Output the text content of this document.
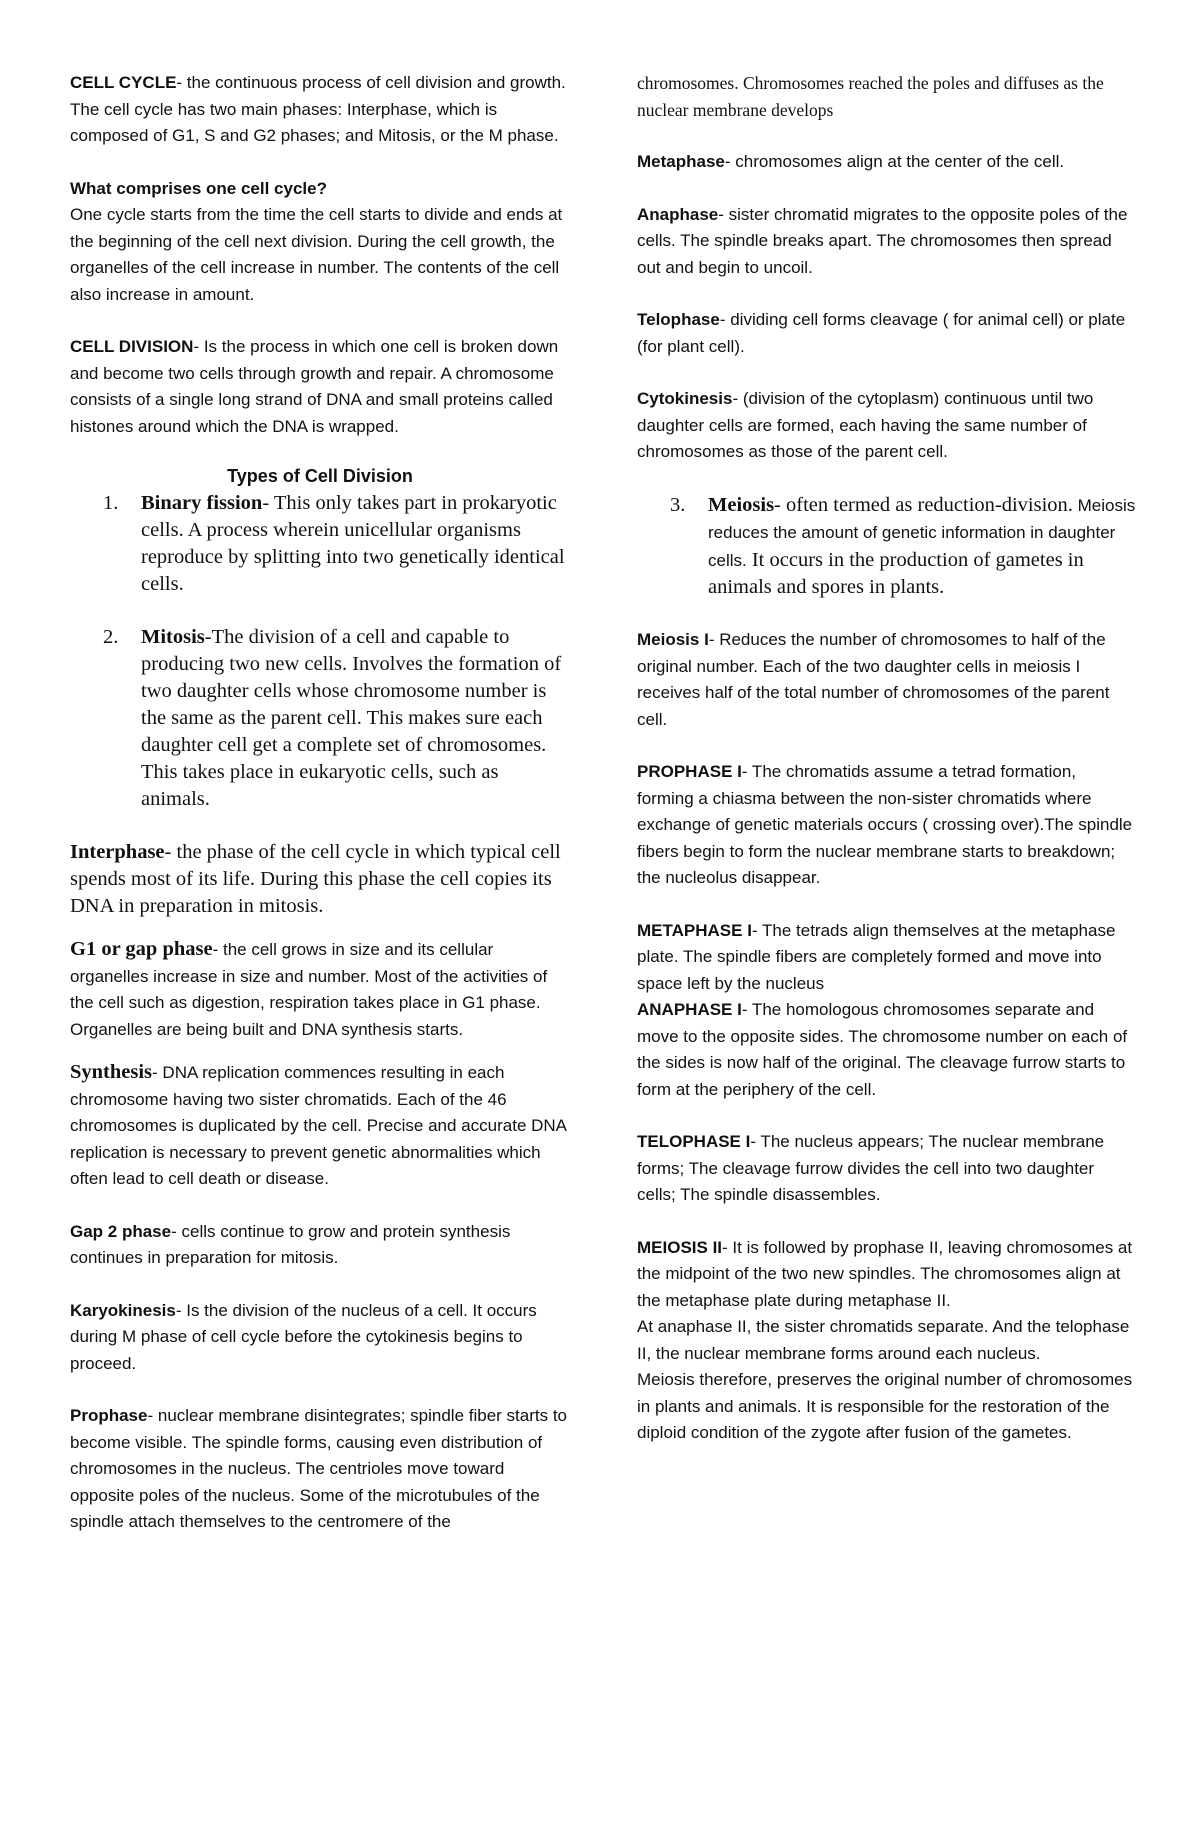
CELL CYCLE- the continuous process of cell division and growth. The cell cycle has two main phases: Interphase, which is composed of G1, S and G2 phases; and Mitosis, or the M phase.

What comprises one cell cycle?

One cycle starts from the time the cell starts to divide and ends at the beginning of the cell next division. During the cell growth, the organelles of the cell increase in number. The contents of the cell also increase in amount.

CELL DIVISION- Is the process in which one cell is broken down and become two cells through growth and repair. A chromosome consists of a single long strand of DNA and small proteins called histones around which the DNA is wrapped.

Types of Cell Division

1. Binary fission- This only takes part in prokaryotic cells. A process wherein unicellular organisms reproduce by splitting into two genetically identical cells.
2. Mitosis-The division of a cell and capable to producing two new cells. Involves the formation of two daughter cells whose chromosome number is the same as the parent cell. This makes sure each daughter cell get a complete set of chromosomes. This takes place in eukaryotic cells, such as animals.

Interphase- the phase of the cell cycle in which typical cell spends most of its life. During this phase the cell copies its DNA in preparation in mitosis.

G1 or gap phase- the cell grows in size and its cellular organelles increase in size and number. Most of the activities of the cell such as digestion, respiration takes place in G1 phase. Organelles are being built and DNA synthesis starts.

Synthesis- DNA replication commences resulting in each chromosome having two sister chromatids. Each of the 46 chromosomes is duplicated by the cell. Precise and accurate DNA replication is necessary to prevent genetic abnormalities which often lead to cell death or disease.

Gap 2 phase- cells continue to grow and protein synthesis continues in preparation for mitosis.

Karyokinesis- Is the division of the nucleus of a cell. It occurs during M phase of cell cycle before the cytokinesis begins to proceed.

Prophase- nuclear membrane disintegrates; spindle fiber starts to become visible. The spindle forms, causing even distribution of chromosomes in the nucleus. The centrioles move toward opposite poles of the nucleus. Some of the microtubules of the spindle attach themselves to the centromere of the

chromosomes. Chromosomes reached the poles and diffuses as the nuclear membrane develops

Metaphase- chromosomes align at the center of the cell.

Anaphase- sister chromatid migrates to the opposite poles of the cells. The spindle breaks apart. The chromosomes then spread out and begin to uncoil.

Telophase- dividing cell forms cleavage ( for animal cell) or plate (for plant cell).

Cytokinesis- (division of the cytoplasm) continuous until two daughter cells are formed, each having the same number of chromosomes as those of the parent cell.

3. Meiosis- often termed as reduction-division. Meiosis reduces the amount of genetic information in daughter cells. It occurs in the production of gametes in animals and spores in plants.

Meiosis I- Reduces the number of chromosomes to half of the original number. Each of the two daughter cells in meiosis I receives half of the total number of chromosomes of the parent cell.

PROPHASE I- The chromatids assume a tetrad formation, forming a chiasma between the non-sister chromatids where exchange of genetic materials occurs ( crossing over).The spindle fibers begin to form the nuclear membrane starts to breakdown; the nucleolus disappear.

METAPHASE I- The tetrads align themselves at the metaphase plate. The spindle fibers are completely formed and move into space left by the nucleus

ANAPHASE I- The homologous chromosomes separate and move to the opposite sides. The chromosome number on each of the sides is now half of the original. The cleavage furrow starts to form at the periphery of the cell.

TELOPHASE I- The nucleus appears; The nuclear membrane forms; The cleavage furrow divides the cell into two daughter cells; The spindle disassembles.

MEIOSIS II- It is followed by prophase II, leaving chromosomes at the midpoint of the two new spindles. The chromosomes align at the metaphase plate during metaphase II.

At anaphase II, the sister chromatids separate. And the telophase II, the nuclear membrane forms around each nucleus.

Meiosis therefore, preserves the original number of chromosomes in plants and animals. It is responsible for the restoration of the diploid condition of the zygote after fusion of the gametes.
